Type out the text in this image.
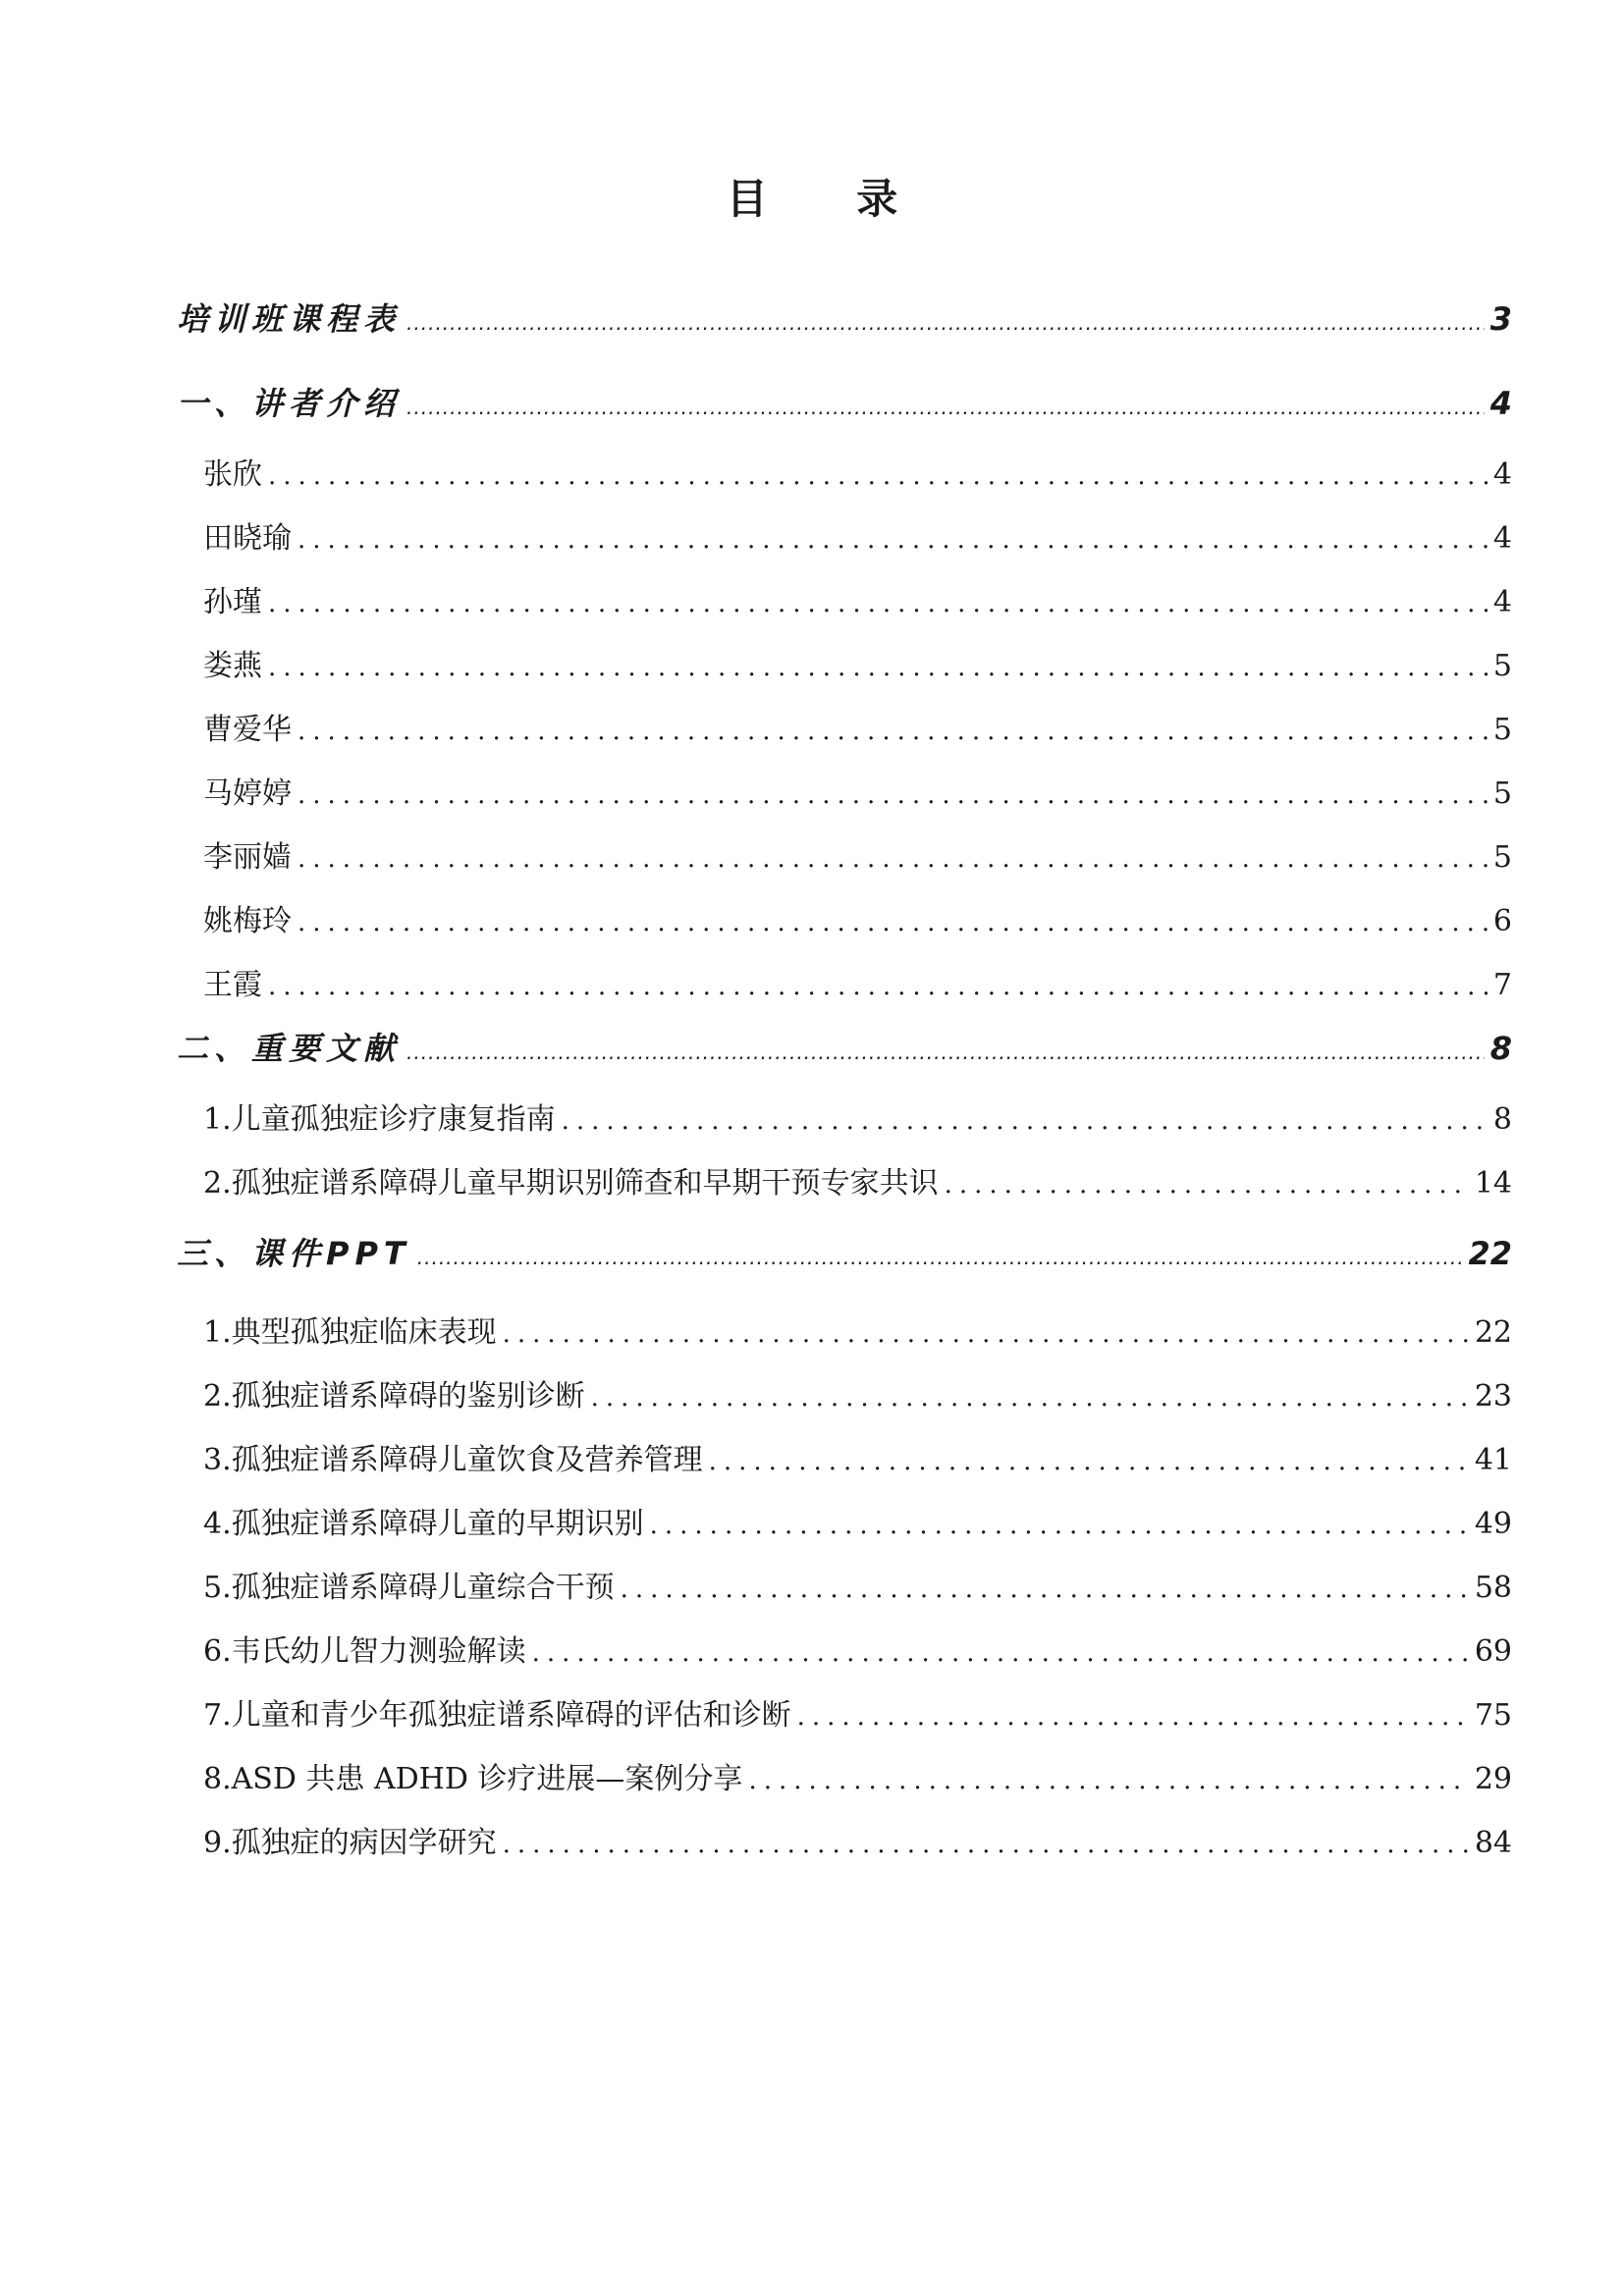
目 录
培训班课程表 .....	3
一、讲者介绍 .....	4
张欣 .....	4
田晓瑜 .....	4
孙瑾 .....	4
娄燕 .....	5
曹爱华 .....	5
马婷婷 .....	5
李丽嫱 .....	5
姚梅玲 .....	6
王霞 .....	7
二、重要文献 .....	8
1.儿童孤独症诊疗康复指南 .....	8
2.孤独症谱系障碍儿童早期识别筛查和早期干预专家共识 .....	14
三、课件PPT .....	22
1.典型孤独症临床表现 .....	22
2.孤独症谱系障碍的鉴别诊断 .....	23
3.孤独症谱系障碍儿童饮食及营养管理 .....	41
4.孤独症谱系障碍儿童的早期识别 .....	49
5.孤独症谱系障碍儿童综合干预 .....	58
6.韦氏幼儿智力测验解读 .....	69
7.儿童和青少年孤独症谱系障碍的评估和诊断 .....	75
8.ASD 共患 ADHD 诊疗进展—案例分享 .....	29
9.孤独症的病因学研究 .....	84
